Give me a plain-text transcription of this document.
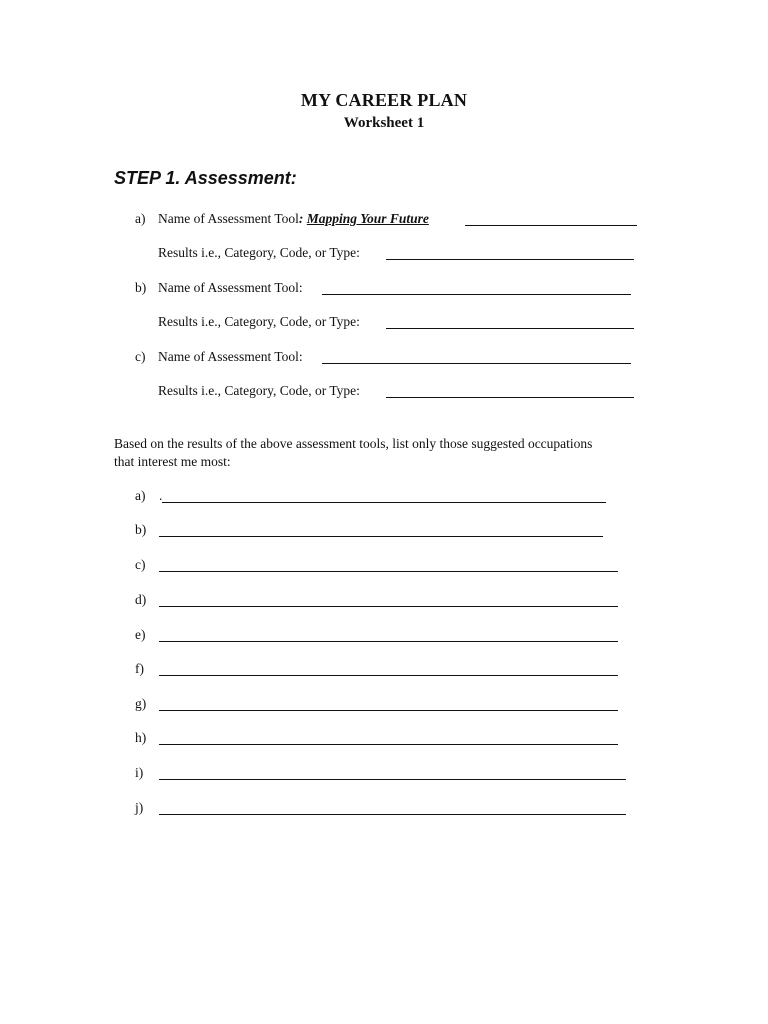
MY CAREER PLAN
Worksheet 1
STEP 1. Assessment:
a) Name of Assessment Tool: Mapping Your Future
Results i.e., Category, Code, or Type:
b) Name of Assessment Tool:
Results i.e., Category, Code, or Type:
c) Name of Assessment Tool:
Results i.e., Category, Code, or Type:
Based on the results of the above assessment tools, list only those suggested occupations
that interest me most:
a) .
b)
c)
d)
e)
f)
g)
h)
i)
j)
